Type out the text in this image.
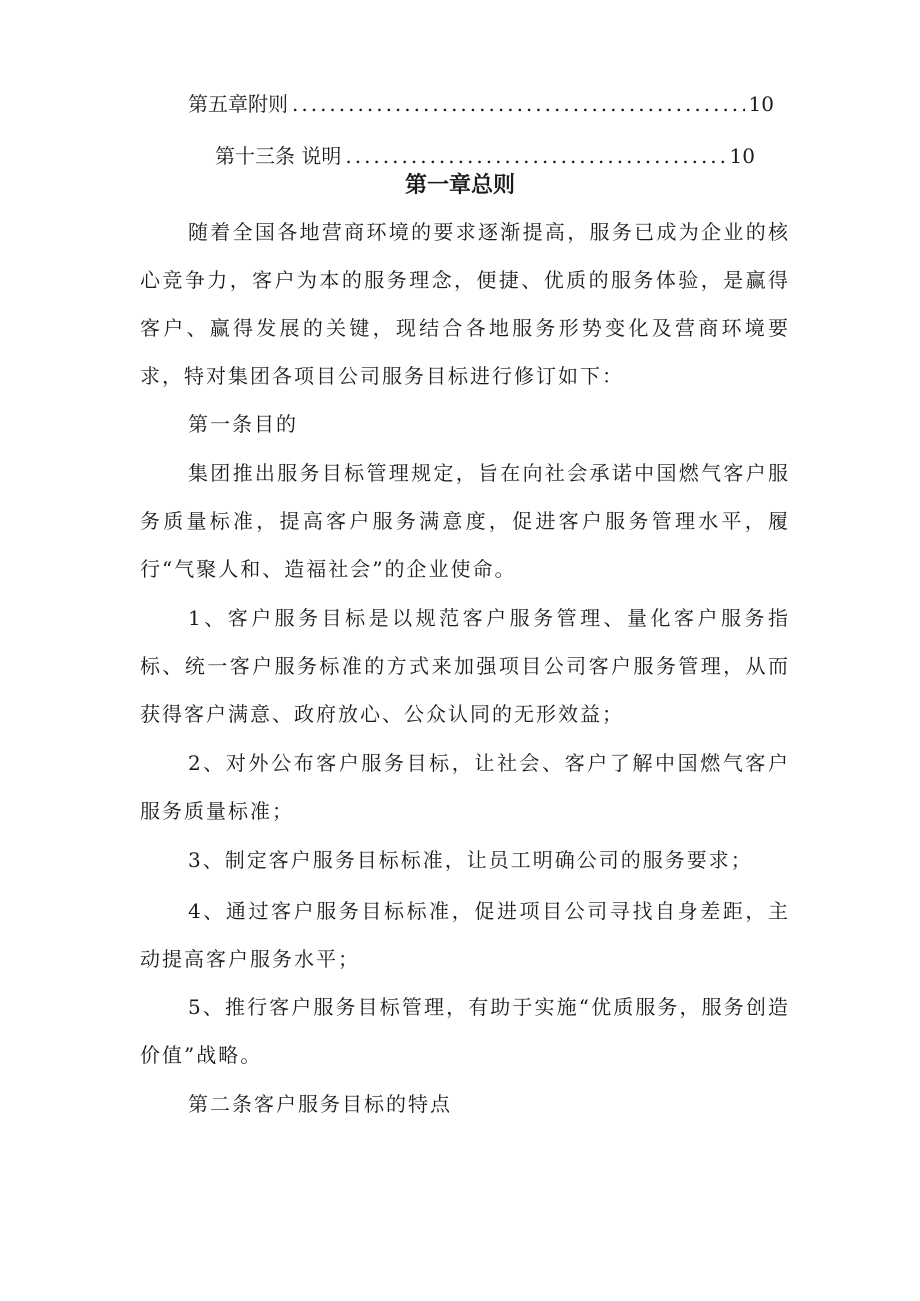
第五章附则 .....	10
第十三条 说明 .....	10
第一章总则

随着全国各地营商环境的要求逐渐提高，服务已成为企业的核心竞争力，客户为本的服务理念，便捷、优质的服务体验，是赢得客户、赢得发展的关键，现结合各地服务形势变化及营商环境要求，特对集团各项目公司服务目标进行修订如下：

第一条目的

集团推出服务目标管理规定，旨在向社会承诺中国燃气客户服务质量标准，提高客户服务满意度，促进客户服务管理水平，履行“气聚人和、造福社会”的企业使命。

1、客户服务目标是以规范客户服务管理、量化客户服务指标、统一客户服务标准的方式来加强项目公司客户服务管理，从而获得客户满意、政府放心、公众认同的无形效益；

2、对外公布客户服务目标，让社会、客户了解中国燃气客户服务质量标准；

3、制定客户服务目标标准，让员工明确公司的服务要求；

4、通过客户服务目标标准，促进项目公司寻找自身差距，主动提高客户服务水平；

5、推行客户服务目标管理，有助于实施“优质服务，服务创造价值”战略。

第二条客户服务目标的特点
